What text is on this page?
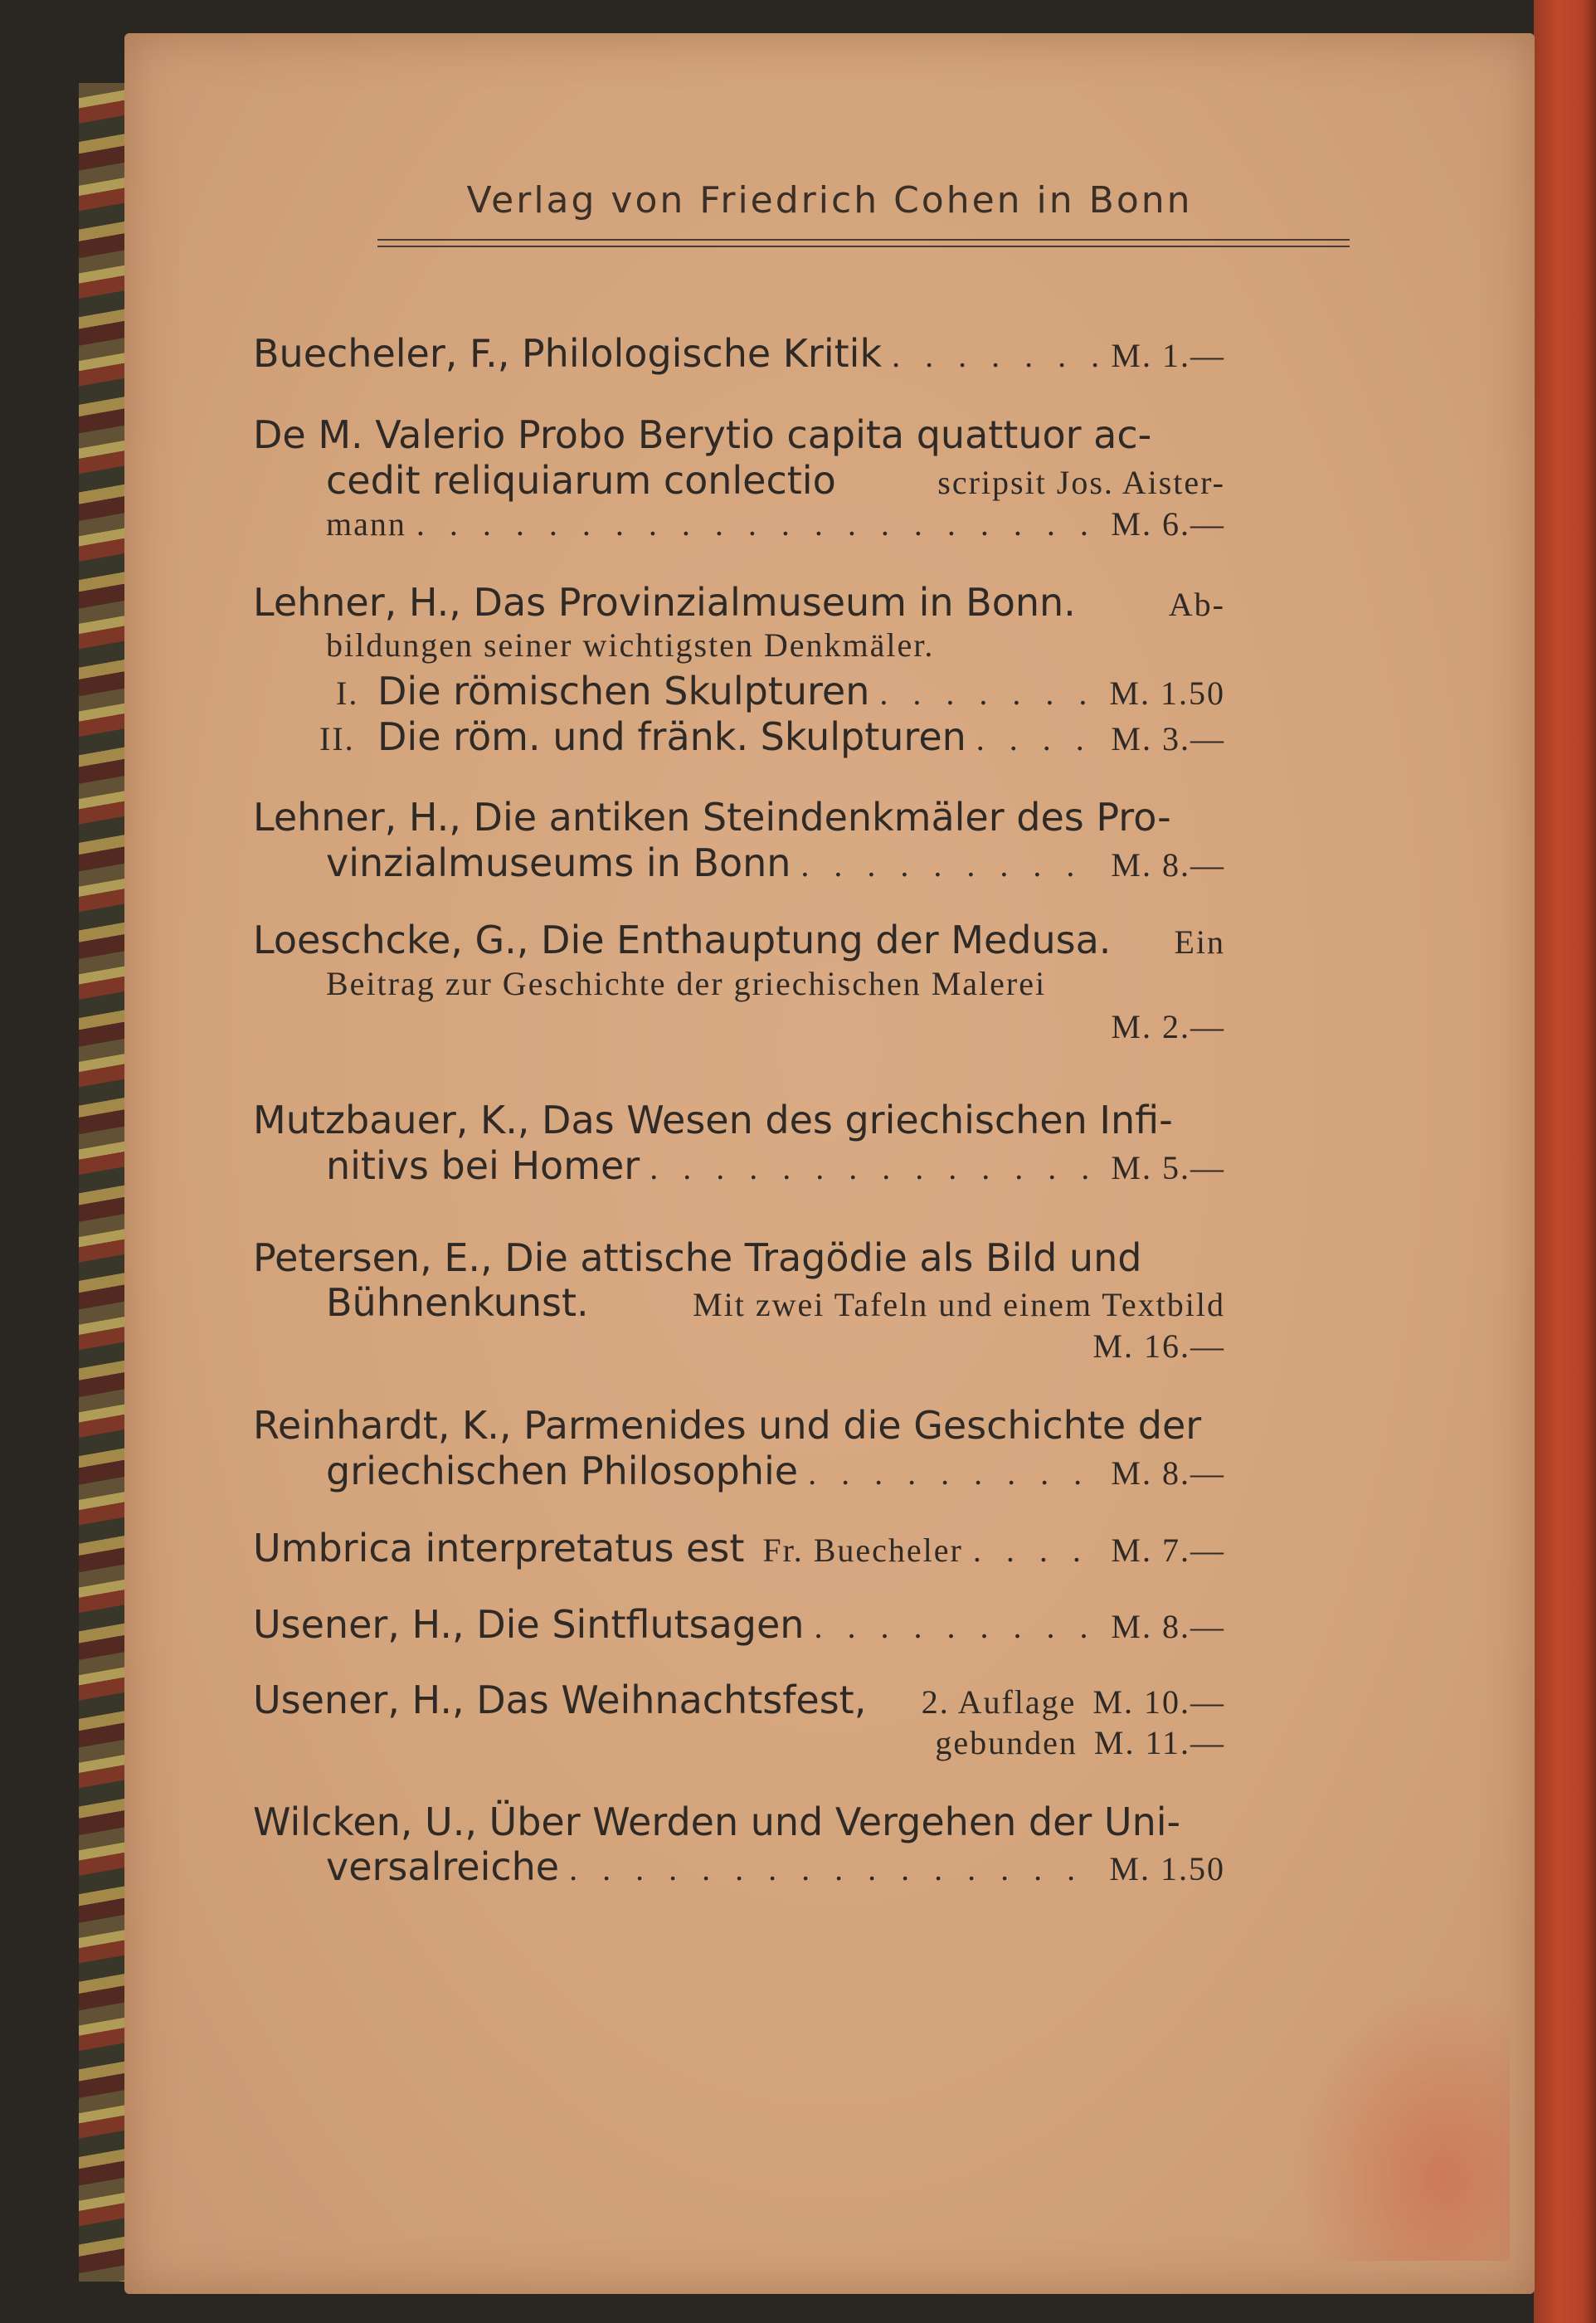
Verlag von Friedrich Cohen in Bonn
Buecheler, F., Philologische Kritik . . .	M. 1.—
De M. Valerio Probo Berytio capita quattuor ac-
cedit reliquiarum conlectio	scripsit Jos. Aister-
mann . . .	M. 6.—
Lehner, H., Das Provinzialmuseum in Bonn.	Ab-
bildungen seiner wichtigsten Denkmäler.
I. Die römischen Skulpturen . . .	M. 1.50
II. Die röm. und fränk. Skulpturen . . .	M. 3.—
Lehner, H., Die antiken Steindenkmäler des Pro-
vinzialmuseums in Bonn . . .	M. 8.—
Loeschcke, G., Die Enthauptung der Medusa.	Ein
Beitrag zur Geschichte der griechischen Malerei
M. 2.—
Mutzbauer, K., Das Wesen des griechischen Infi-
nitivs bei Homer . . .	M. 5.—
Petersen, E., Die attische Tragödie als Bild und
Bühnenkunst.	Mit zwei Tafeln und einem Textbild
M. 16.—
Reinhardt, K., Parmenides und die Geschichte der
griechischen Philosophie . . .	M. 8.—
Umbrica interpretatus est Fr. Buecheler . . .	M. 7.—
Usener, H., Die Sintflutsagen . . .	M. 8.—
Usener, H., Das Weihnachtsfest,	2. Auflage M. 10.—
gebunden M. 11.—
Wilcken, U., Über Werden und Vergehen der Uni-
versalreiche . . .	M. 1.50
